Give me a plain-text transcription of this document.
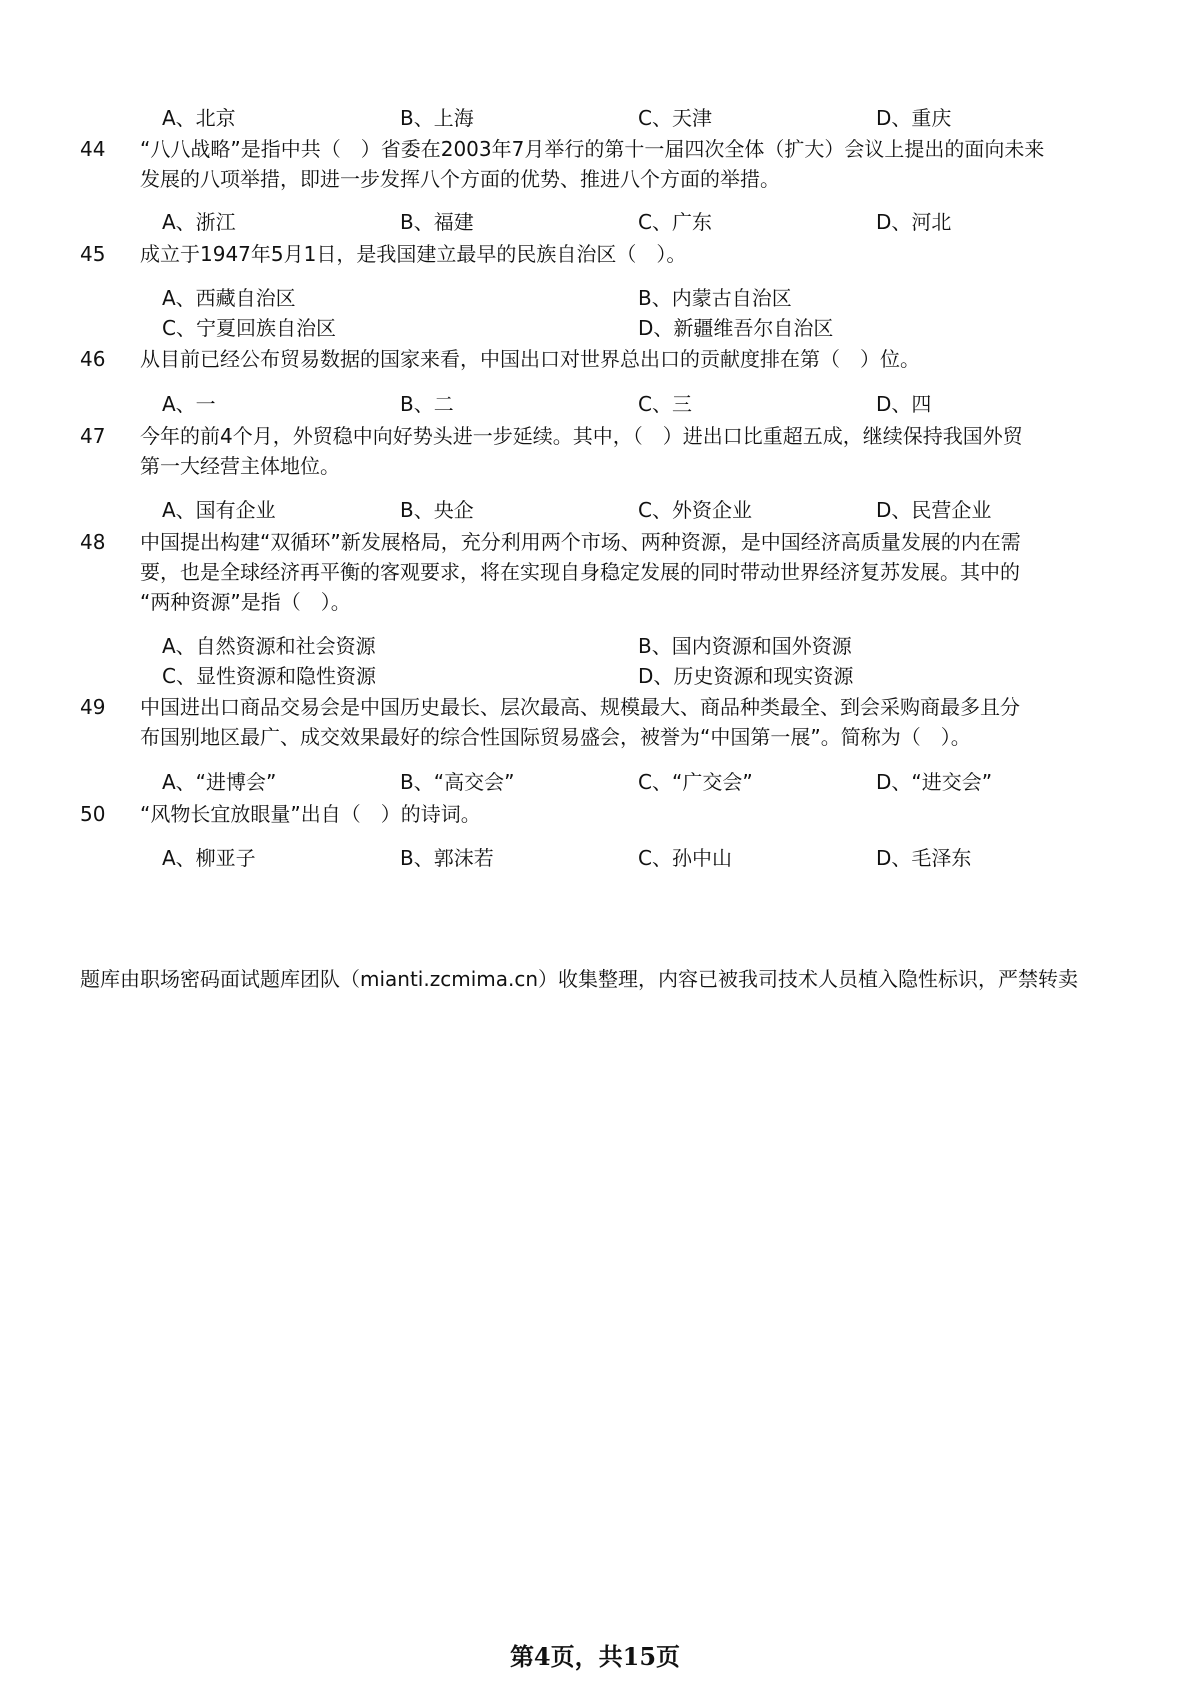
A、北京	B、上海	C、天津	D、重庆
44	“八八战略”是指中共（　）省委在2003年7月举行的第十一届四次全体（扩大）会议上提出的面向未来
发展的八项举措，即进一步发挥八个方面的优势、推进八个方面的举措。
A、浙江	B、福建	C、广东	D、河北
45	成立于1947年5月1日，是我国建立最早的民族自治区（　）。
A、西藏自治区	B、内蒙古自治区
C、宁夏回族自治区	D、新疆维吾尔自治区
46	从目前已经公布贸易数据的国家来看，中国出口对世界总出口的贡献度排在第（　）位。
A、一	B、二	C、三	D、四
47	今年的前4个月，外贸稳中向好势头进一步延续。其中，（　）进出口比重超五成，继续保持我国外贸
第一大经营主体地位。
A、国有企业	B、央企	C、外资企业	D、民营企业
48	中国提出构建“双循环”新发展格局，充分利用两个市场、两种资源，是中国经济高质量发展的内在需
要，也是全球经济再平衡的客观要求，将在实现自身稳定发展的同时带动世界经济复苏发展。其中的
“两种资源”是指（　）。
A、自然资源和社会资源	B、国内资源和国外资源
C、显性资源和隐性资源	D、历史资源和现实资源
49	中国进出口商品交易会是中国历史最长、层次最高、规模最大、商品种类最全、到会采购商最多且分
布国别地区最广、成交效果最好的综合性国际贸易盛会，被誉为“中国第一展”。简称为（　）。
A、“进博会”	B、“高交会”	C、“广交会”	D、“进交会”
50	“风物长宜放眼量”出自（　）的诗词。
A、柳亚子	B、郭沫若	C、孙中山	D、毛泽东
题库由职场密码面试题库团队（mianti.zcmima.cn）收集整理，内容已被我司技术人员植入隐性标识，严禁转卖
第4页，共15页
